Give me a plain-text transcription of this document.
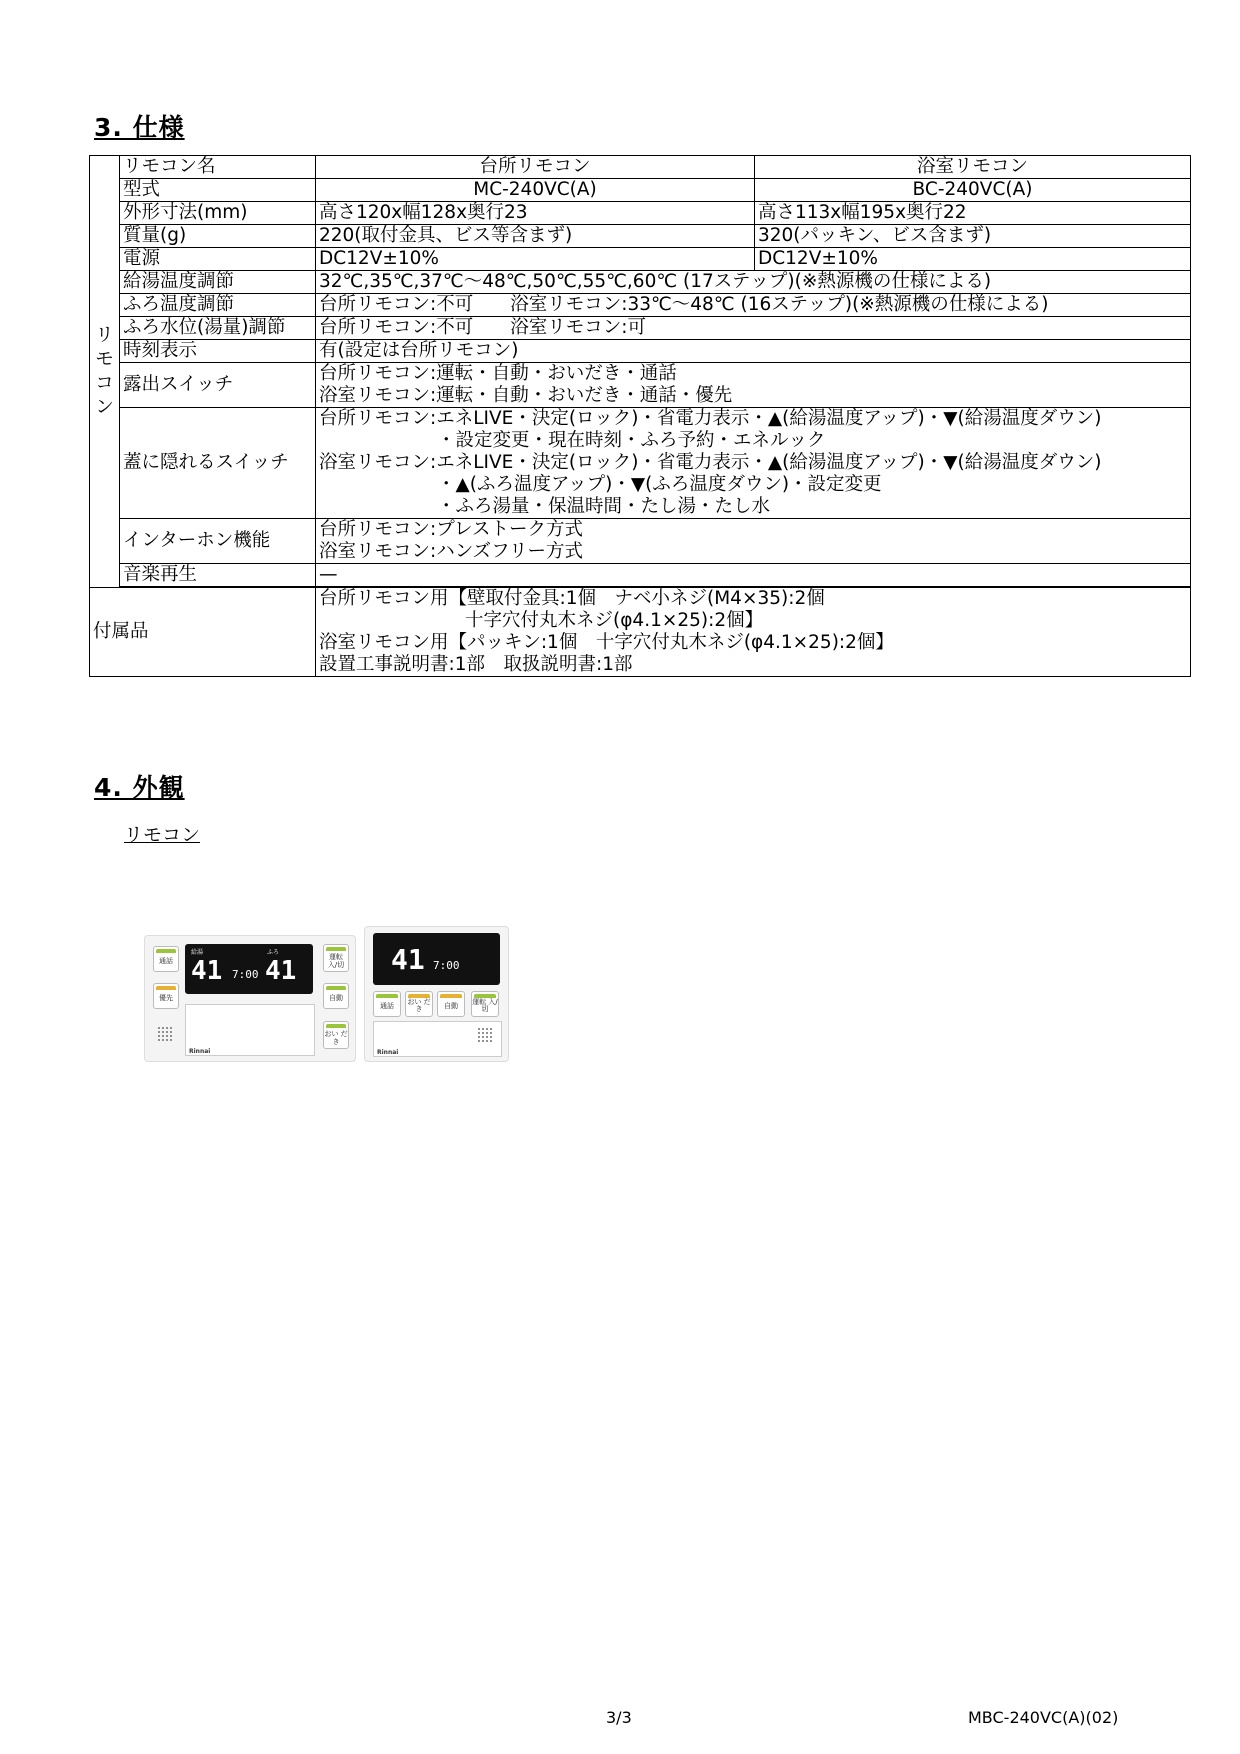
3. 仕様
リ
モ
コ
ン	リモコン名	台所リモコン	浴室リモコン
	型式	MC-240VC(A)	BC-240VC(A)
	外形寸法(mm)	高さ120x幅128x奥行23	高さ113x幅195x奥行22
	質量(g)	220(取付金具、ビス等含まず)	320(パッキン、ビス含まず)
	電源	DC12V±10%	DC12V±10%
	給湯温度調節	32℃,35℃,37℃～48℃,50℃,55℃,60℃ (17ステップ)(※熱源機の仕様による)	
	ふろ温度調節	台所リモコン:不可　　浴室リモコン:33℃～48℃ (16ステップ)(※熱源機の仕様による)	
	ふろ水位(湯量)調節	台所リモコン:不可　　浴室リモコン:可	
	時刻表示	有(設定は台所リモコン)	
	露出スイッチ	台所リモコン:運転・自動・おいだき・通話
浴室リモコン:運転・自動・おいだき・通話・優先	

	蓋に隠れるスイッチ	台所リモコン:エネLIVE・決定(ロック)・省電力表示・▲(給湯温度アップ)・▼(給湯温度ダウン)
・設定変更・現在時刻・ふろ予約・エネルック
浴室リモコン:エネLIVE・決定(ロック)・省電力表示・▲(給湯温度アップ)・▼(給湯温度ダウン)
・▲(ふろ温度アップ)・▼(ふろ温度ダウン)・設定変更
・ふろ湯量・保温時間・たし湯・たし水	

	インターホン機能	台所リモコン:プレストーク方式
浴室リモコン:ハンズフリー方式	

	音楽再生	—	

付属品		台所リモコン用【壁取付金具:1個　ナベ小ネジ(M4×35):2個
十字穴付丸木ネジ(φ4.1×25):2個】
浴室リモコン用【パッキン:1個　十字穴付丸木ネジ(φ4.1×25):2個】
設置工事説明書:1部　取扱説明書:1部	
4. 外観
リモコン
通話
優先
給湯	ふろ
41 7:00 41
Rinnai
運転 入/切
自動
おい だき
41 7:00
通話	おい だき	自動	運転 入/切
Rinnai
3/3	MBC-240VC(A)(02)
